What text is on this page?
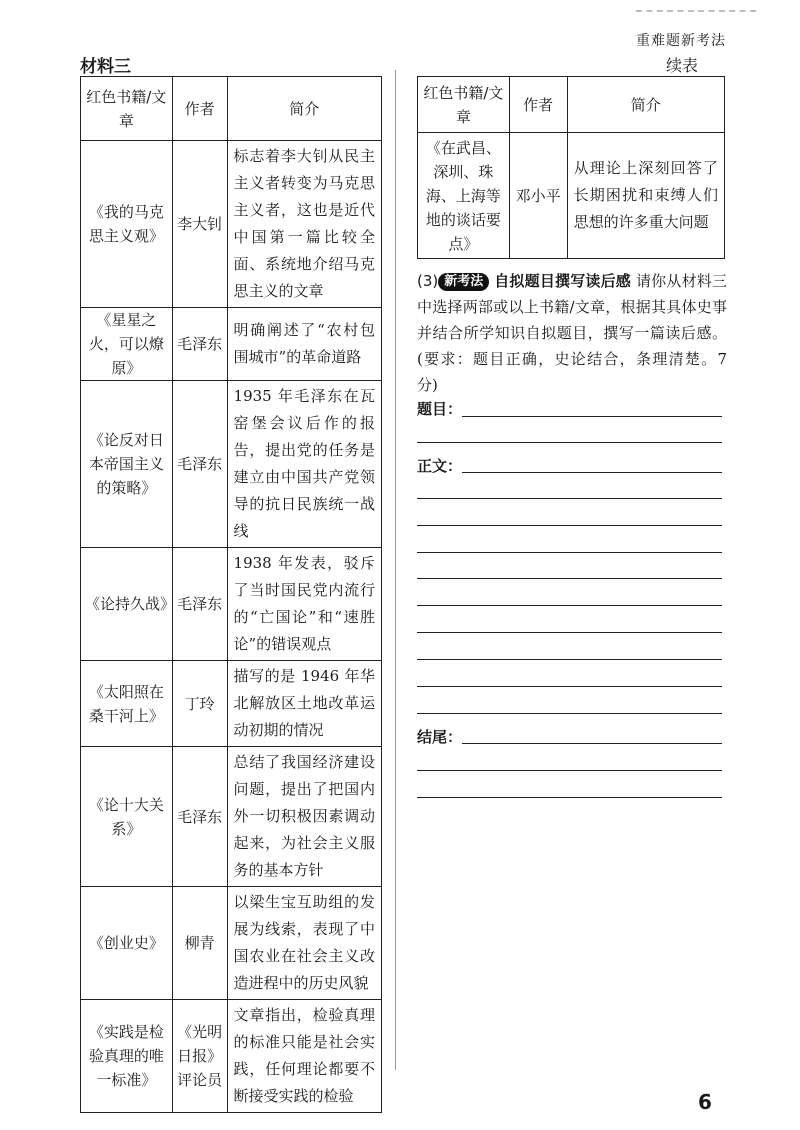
重难题新考法
材料三	续表
红色书籍/文章	作者	简介
《我的马克思主义观》	李大钊	标志着李大钊从民主主义者转变为马克思主义者，这也是近代中国第一篇比较全面、系统地介绍马克思主义的文章
《星星之火，可以燎原》	毛泽东	明确阐述了“农村包围城市”的革命道路
《论反对日本帝国主义的策略》	毛泽东	1935 年毛泽东在瓦窑堡会议后作的报告，提出党的任务是建立由中国共产党领导的抗日民族统一战线
《论持久战》	毛泽东	1938 年发表，驳斥了当时国民党内流行的“亡国论”和“速胜论”的错误观点
《太阳照在桑干河上》	丁玲	描写的是 1946 年华北解放区土地改革运动初期的情况
《论十大关系》	毛泽东	总结了我国经济建设问题，提出了把国内外一切积极因素调动起来，为社会主义服务的基本方针
《创业史》	柳青	以梁生宝互助组的发展为线索，表现了中国农业在社会主义改造进程中的历史风貌
《实践是检验真理的唯一标准》	《光明日报》评论员	文章指出，检验真理的标准只能是社会实践，任何理论都要不断接受实践的检验
红色书籍/文章	作者	简介
《在武昌、深圳、珠海、上海等地的谈话要点》	邓小平	从理论上深刻回答了长期困扰和束缚人们思想的许多重大问题
(3) 新考法 自拟题目撰写读后感 请你从材料三中选择两部或以上书籍/文章，根据其具体史事并结合所学知识自拟题目，撰写一篇读后感。(要求：题目正确，史论结合，条理清楚。7 分)
题目：
正文：
结尾：
6
